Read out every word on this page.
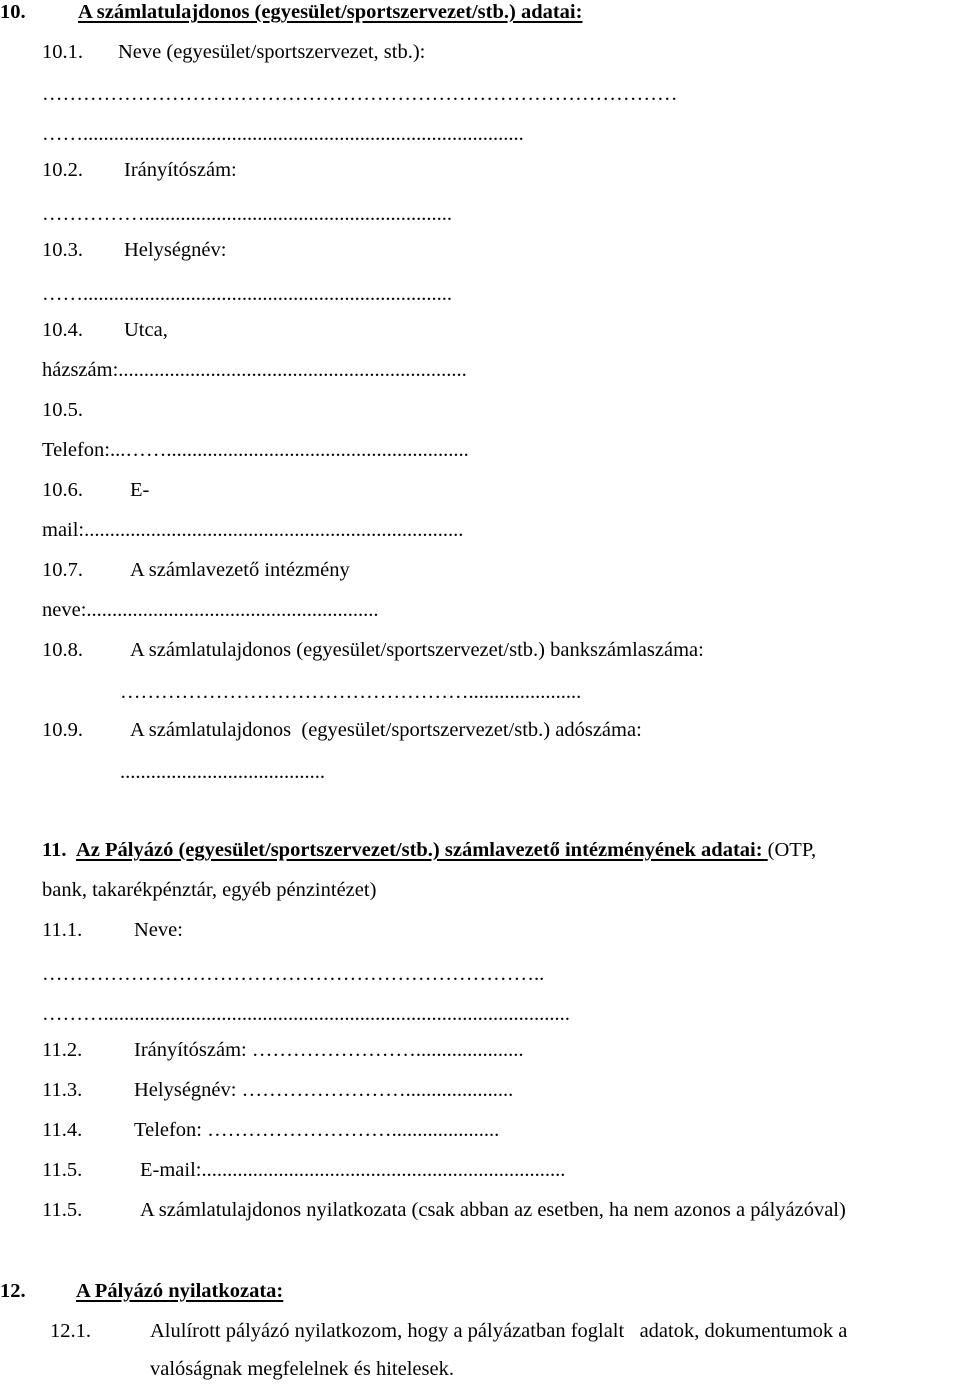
10.	A számlatulajdonos (egyesület/sportszervezet/stb.) adatai:
10.1. Neve (egyesület/sportszervezet, stb.):
…………………………………………………………………………………
……......................................................................................
10.2. Irányítószám:
……………............................................................
10.3. Helységnév:
……........................................................................
10.4. Utca,
házszám:....................................................................
10.5.
Telefon:...……...........................................................
10.6. E-
mail:..........................................................................
10.7. A számlavezető intézmény
neve:.........................................................
10.8. A számlatulajdonos (egyesület/sportszervezet/stb.) bankszámlaszáma:
……………………………………………......................
10.9. A számlatulajdonos  (egyesület/sportszervezet/stb.) adószáma:
........................................
11. Az Pályázó (egyesület/sportszervezet/stb.) számlavezető intézményének adatai: (OTP,
bank, takarékpénztár, egyéb pénzintézet)
11.1.	Neve:
………………………………………………………………..
………...........................................................................................
11.2.	Irányítószám: …………………….....................
11.3.	Helységnév: …………………….....................
11.4.	Telefon: ……………………….....................
11.5.	E-mail:.......................................................................
11.5.	A számlatulajdonos nyilatkozata (csak abban az esetben, ha nem azonos a pályázóval)
12. A Pályázó nyilatkozata:
12.1.	Alulírott pályázó nyilatkozom, hogy a pályázatban foglalt   adatok, dokumentumok a
valóságnak megfelelnek és hitelesek.
